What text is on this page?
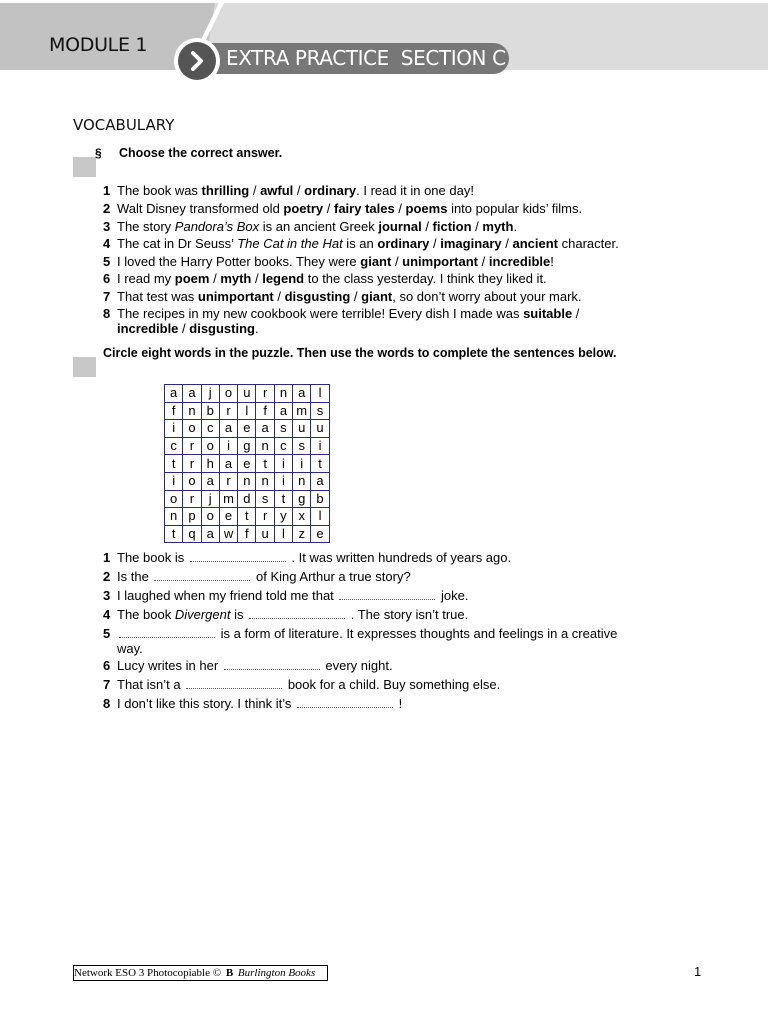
MODULE 1
EXTRA PRACTICE  SECTION C
VOCABULARY
§ Choose the correct answer.
1 The book was thrilling / awful / ordinary. I read it in one day!
2 Walt Disney transformed old poetry / fairy tales / poems into popular kids’ films.
3 The story Pandora’s Box is an ancient Greek journal / fiction / myth.
4 The cat in Dr Seuss’ The Cat in the Hat is an ordinary / imaginary / ancient character.
5 I loved the Harry Potter books. They were giant / unimportant / incredible!
6 I read my poem / myth / legend to the class yesterday. I think they liked it.
7 That test was unimportant / disgusting / giant, so don’t worry about your mark.
8 The recipes in my new cookbook were terrible! Every dish I made was suitable / incredible / disgusting.
Circle eight words in the puzzle. Then use the words to complete the sentences below.
a	a	j	o	u	r	n	a	l
f	n	b	r	l	f	a	m	s
i	o	c	a	e	a	s	u	u
c	r	o	i	g	n	c	s	i
t	r	h	a	e	t	i	i	t
i	o	a	r	n	n	i	n	a
o	r	j	m	d	s	t	g	b
n	p	o	e	t	r	y	x	l
t	q	a	w	f	u	l	z	e
1 The book is	. It was written hundreds of years ago.
2 Is the	of King Arthur a true story?
3 I laughed when my friend told me that	joke.
4 The book Divergent is	. The story isn’t true.
5	is a form of literature. It expresses thoughts and feelings in a creative way.
6 Lucy writes in her	every night.
7 That isn’t a	book for a child. Buy something else.
8 I don’t like this story. I think it’s	!
Network ESO 3 Photocopiable © B Burlington Books	1
